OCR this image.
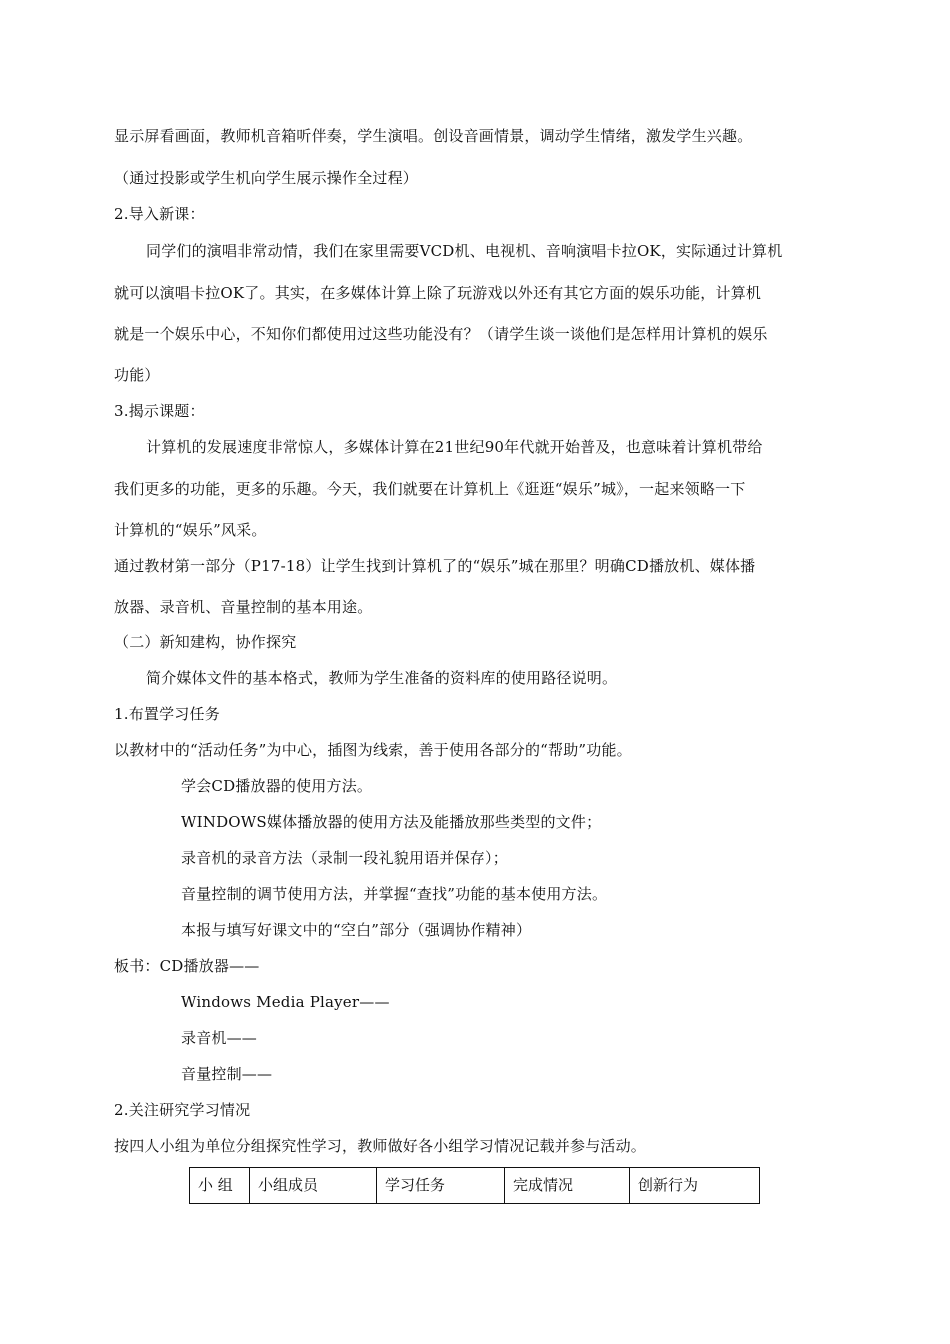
显示屏看画面，教师机音箱听伴奏，学生演唱。创设音画情景，调动学生情绪，激发学生兴趣。
（通过投影或学生机向学生展示操作全过程）
2.导入新课：
同学们的演唱非常动情，我们在家里需要VCD机、电视机、音响演唱卡拉OK，实际通过计算机
就可以演唱卡拉OK了。其实，在多媒体计算上除了玩游戏以外还有其它方面的娱乐功能，计算机
就是一个娱乐中心，不知你们都使用过这些功能没有？（请学生谈一谈他们是怎样用计算机的娱乐
功能）
3.揭示课题：
计算机的发展速度非常惊人，多媒体计算在21世纪90年代就开始普及，也意味着计算机带给
我们更多的功能，更多的乐趣。今天，我们就要在计算机上《逛逛“娱乐”城》，一起来领略一下
计算机的“娱乐”风采。
通过教材第一部分（P17-18）让学生找到计算机了的“娱乐”城在那里？明确CD播放机、媒体播
放器、录音机、音量控制的基本用途。
（二）新知建构，协作探究
简介媒体文件的基本格式，教师为学生准备的资料库的使用路径说明。
1.布置学习任务
以教材中的“活动任务”为中心，插图为线索，善于使用各部分的“帮助”功能。
学会CD播放器的使用方法。
WINDOWS媒体播放器的使用方法及能播放那些类型的文件；
录音机的录音方法（录制一段礼貌用语并保存）；
音量控制的调节使用方法，并掌握“查找”功能的基本使用方法。
本报与填写好课文中的“空白”部分（强调协作精神）
板书：CD播放器——
Windows Media Player——
录音机——
音量控制——
2.关注研究学习情况
按四人小组为单位分组探究性学习，教师做好各小组学习情况记载并参与活动。
小 组	小组成员	学习任务	完成情况	创新行为
